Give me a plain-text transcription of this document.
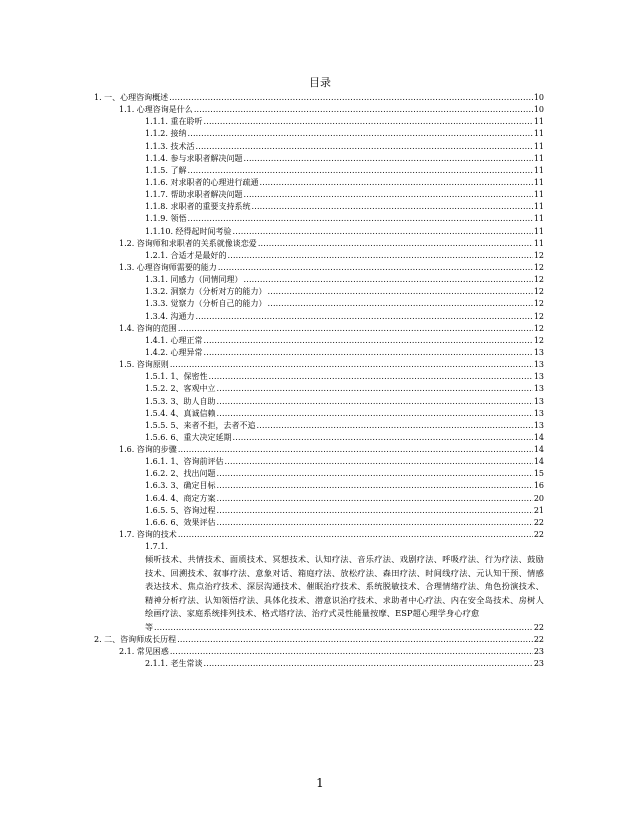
目录
1. 一、心理咨询概述 .....	10
1.1. 心理咨询是什么 .....	10
1.1.1. 重在聆听 .....	11
1.1.2. 接纳 .....	11
1.1.3. 技术活 .....	11
1.1.4. 参与求职者解决问题 .....	11
1.1.5. 了解 .....	11
1.1.6. 对求职者的心理进行疏通 .....	11
1.1.7. 帮助求职者解决问题 .....	11
1.1.8. 求职者的重要支持系统 .....	11
1.1.9. 领悟 .....	11
1.1.10. 经得起时间考验 .....	11
1.2. 咨询师和求职者的关系就像谈恋爱 .....	11
1.2.1. 合适才是最好的 .....	12
1.3. 心理咨询师需要的能力 .....	12
1.3.1. 同感力（同情同理） .....	12
1.3.2. 洞察力（分析对方的能力） .....	12
1.3.3. 觉察力（分析自己的能力） .....	12
1.3.4. 沟通力 .....	12
1.4. 咨询的范围 .....	12
1.4.1. 心理正常 .....	12
1.4.2. 心理异常 .....	13
1.5. 咨询原则 .....	13
1.5.1. 1、保密性 .....	13
1.5.2. 2、客观中立 .....	13
1.5.3. 3、助人自助 .....	13
1.5.4. 4、真诚信赖 .....	13
1.5.5. 5、来者不拒，去者不追 .....	13
1.5.6. 6、重大决定延期 .....	14
1.6. 咨询的步骤 .....	14
1.6.1. 1、咨询前评估 .....	14
1.6.2. 2、找出问题 .....	15
1.6.3. 3、确定目标 .....	16
1.6.4. 4、商定方案 .....	20
1.6.5. 5、咨询过程 .....	21
1.6.6. 6、效果评估 .....	22
1.7. 咨询的技术 .....	22
1.7.1.
倾听技术、共情技术、面质技术、冥想技术、认知疗法、音乐疗法、戏剧疗法、呼吸疗法、行为疗法、鼓励技术、回溯技术、叙事疗法、意象对话、箱庭疗法、放松疗法、森田疗法、时间线疗法、元认知干预、情感表达技术、焦点治疗技术、深层沟通技术、催眠治疗技术、系统脱敏技术、合理情绪疗法、角色扮演技术、精神分析疗法、认知领悟疗法、具体化技术、潜意识治疗技术、求助者中心疗法、内在安全岛技术、房树人绘画疗法、家庭系统排列技术、格式塔疗法、治疗式灵性能量按摩、ESP超心理学身心疗愈
等 .....	22
2. 二、咨询师成长历程 .....	22
2.1. 常见困惑 .....	23
2.1.1. 老生常谈 .....	23
1
